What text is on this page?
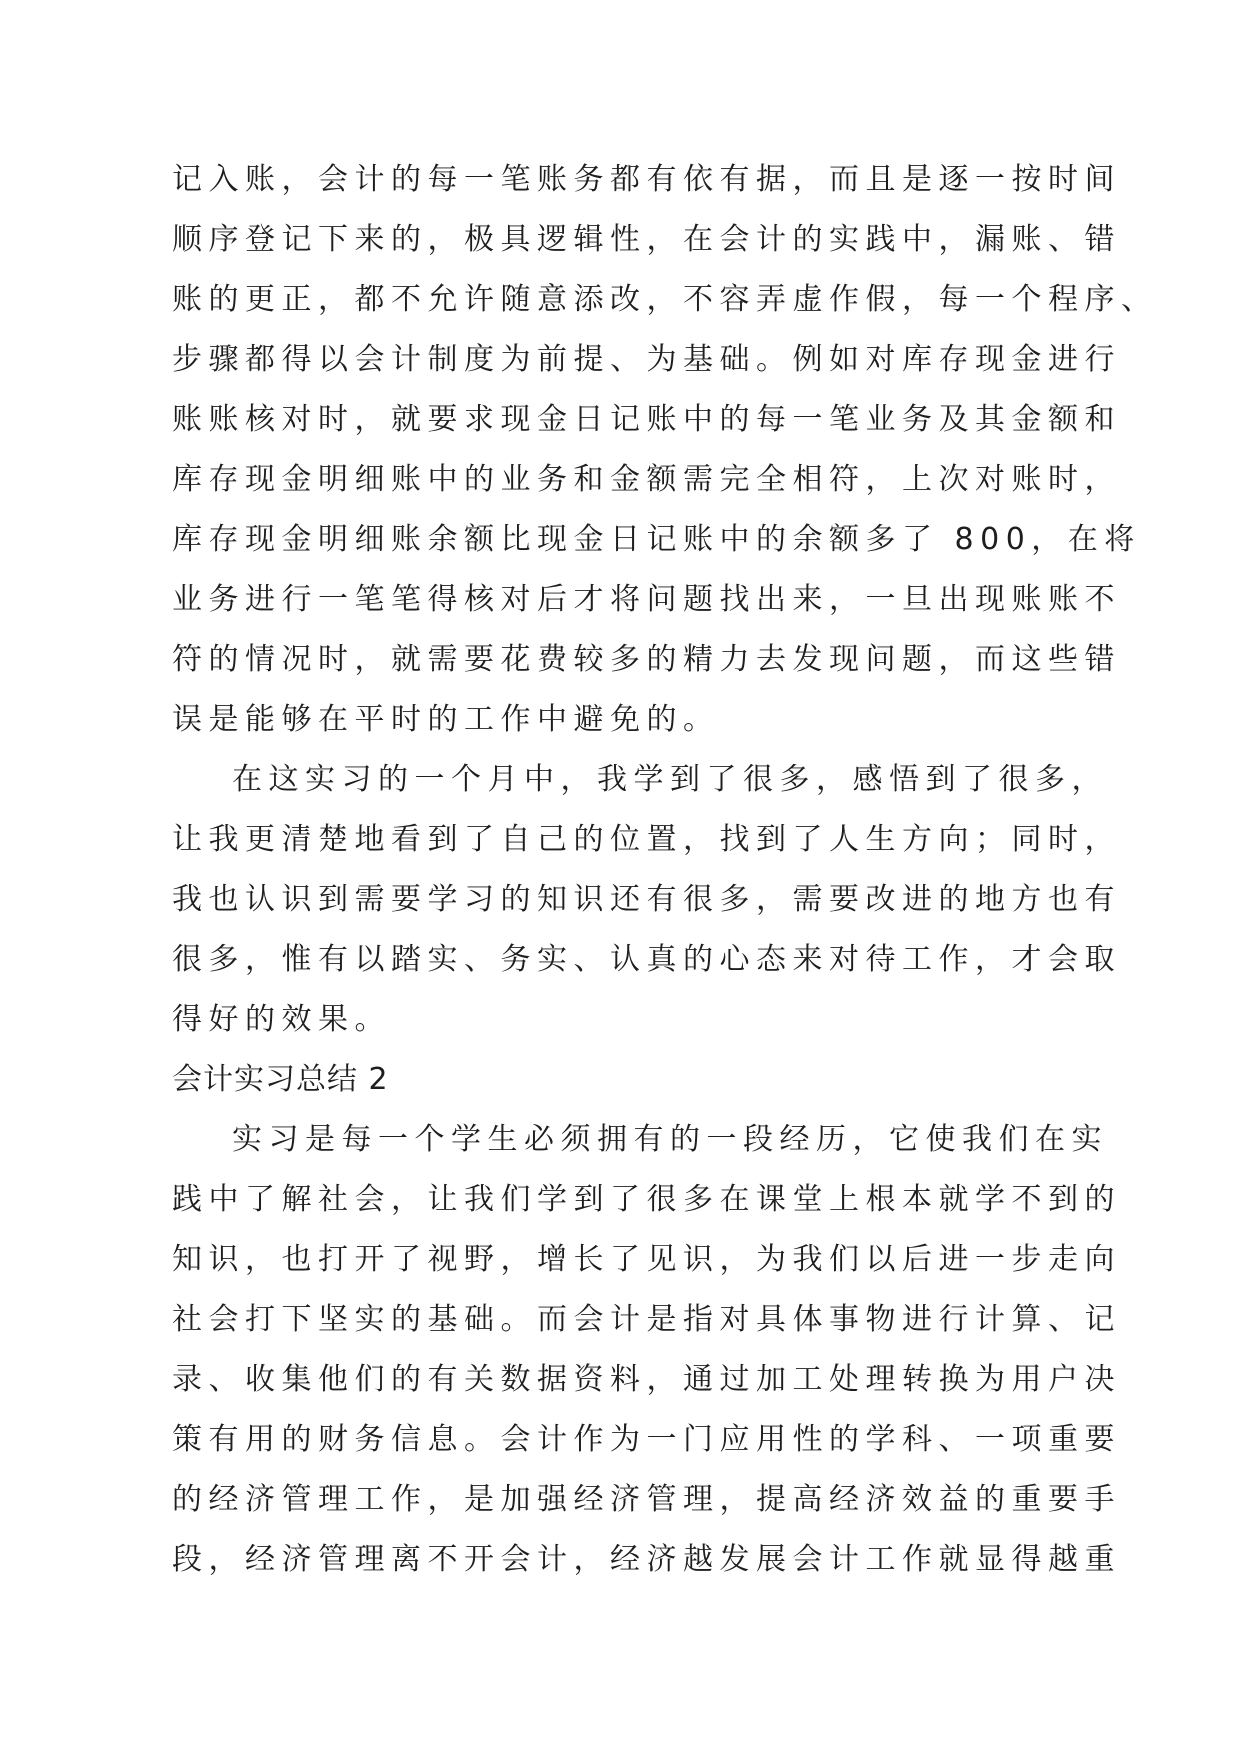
记入账，会计的每一笔账务都有依有据，而且是逐一按时间
顺序登记下来的，极具逻辑性，在会计的实践中，漏账、错
账的更正，都不允许随意添改，不容弄虚作假，每一个程序、
步骤都得以会计制度为前提、为基础。例如对库存现金进行
账账核对时，就要求现金日记账中的每一笔业务及其金额和
库存现金明细账中的业务和金额需完全相符，上次对账时，
库存现金明细账余额比现金日记账中的余额多了 800，在将
业务进行一笔笔得核对后才将问题找出来，一旦出现账账不
符的情况时，就需要花费较多的精力去发现问题，而这些错
误是能够在平时的工作中避免的。
在这实习的一个月中，我学到了很多，感悟到了很多，
让我更清楚地看到了自己的位置，找到了人生方向；同时，
我也认识到需要学习的知识还有很多，需要改进的地方也有
很多，惟有以踏实、务实、认真的心态来对待工作，才会取
得好的效果。
会计实习总结 2
实习是每一个学生必须拥有的一段经历，它使我们在实
践中了解社会，让我们学到了很多在课堂上根本就学不到的
知识，也打开了视野，增长了见识，为我们以后进一步走向
社会打下坚实的基础。而会计是指对具体事物进行计算、记
录、收集他们的有关数据资料，通过加工处理转换为用户决
策有用的财务信息。会计作为一门应用性的学科、一项重要
的经济管理工作，是加强经济管理，提高经济效益的重要手
段，经济管理离不开会计，经济越发展会计工作就显得越重
